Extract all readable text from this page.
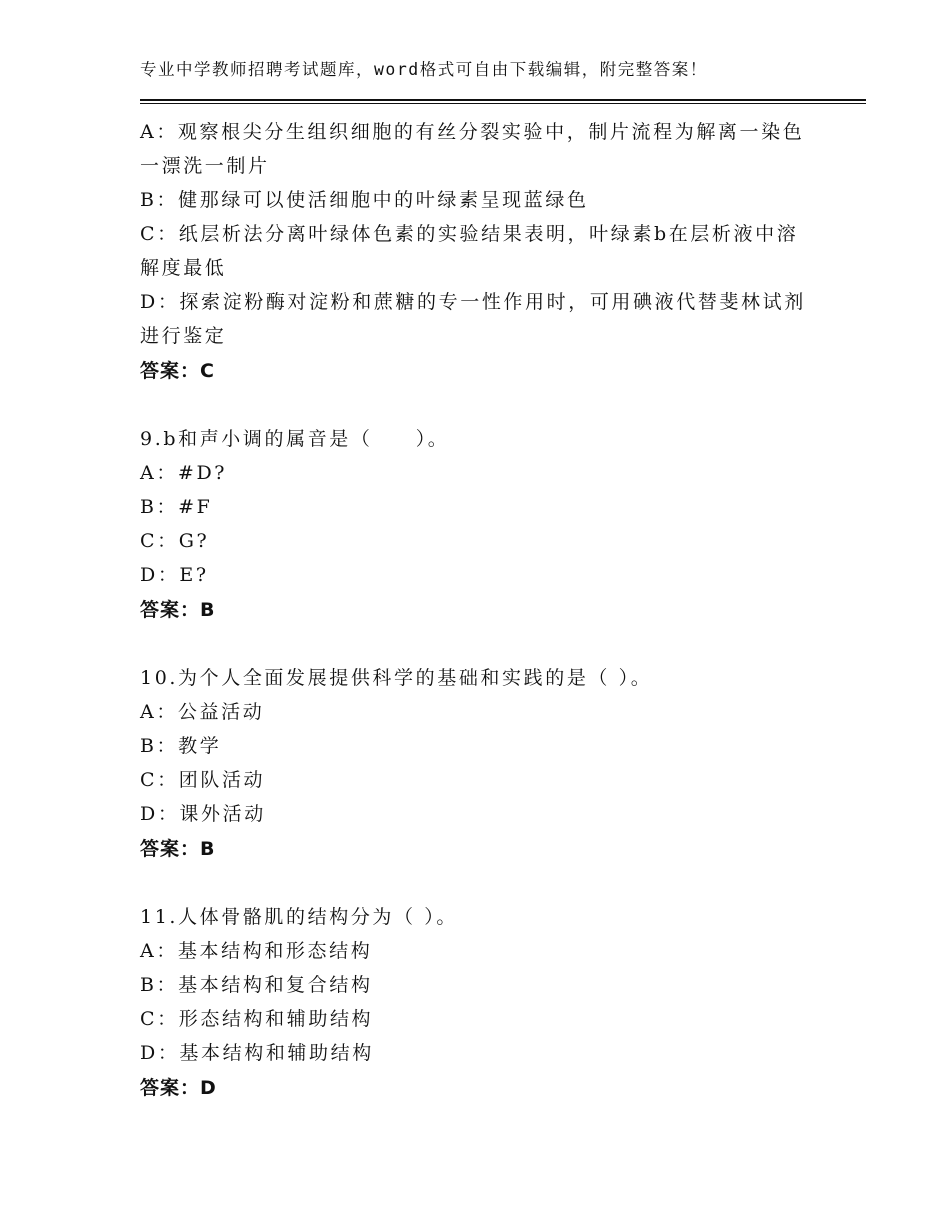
专业中学教师招聘考试题库，word格式可自由下载编辑，附完整答案！
A：观察根尖分生组织细胞的有丝分裂实验中，制片流程为解离一染色
一漂洗一制片
B：健那绿可以使活细胞中的叶绿素呈现蓝绿色
C：纸层析法分离叶绿体色素的实验结果表明，叶绿素b在层析液中溶
解度最低
D：探索淀粉酶对淀粉和蔗糖的专一性作用时，可用碘液代替斐林试剂
进行鉴定
答案：C
9.b和声小调的属音是（　　）。
A：#D?
B：#F
C：G?
D：E?
答案：B
10.为个人全面发展提供科学的基础和实践的是（ ）。
A：公益活动
B：教学
C：团队活动
D：课外活动
答案：B
11.人体骨骼肌的结构分为（ ）。
A：基本结构和形态结构
B：基本结构和复合结构
C：形态结构和辅助结构
D：基本结构和辅助结构
答案：D
